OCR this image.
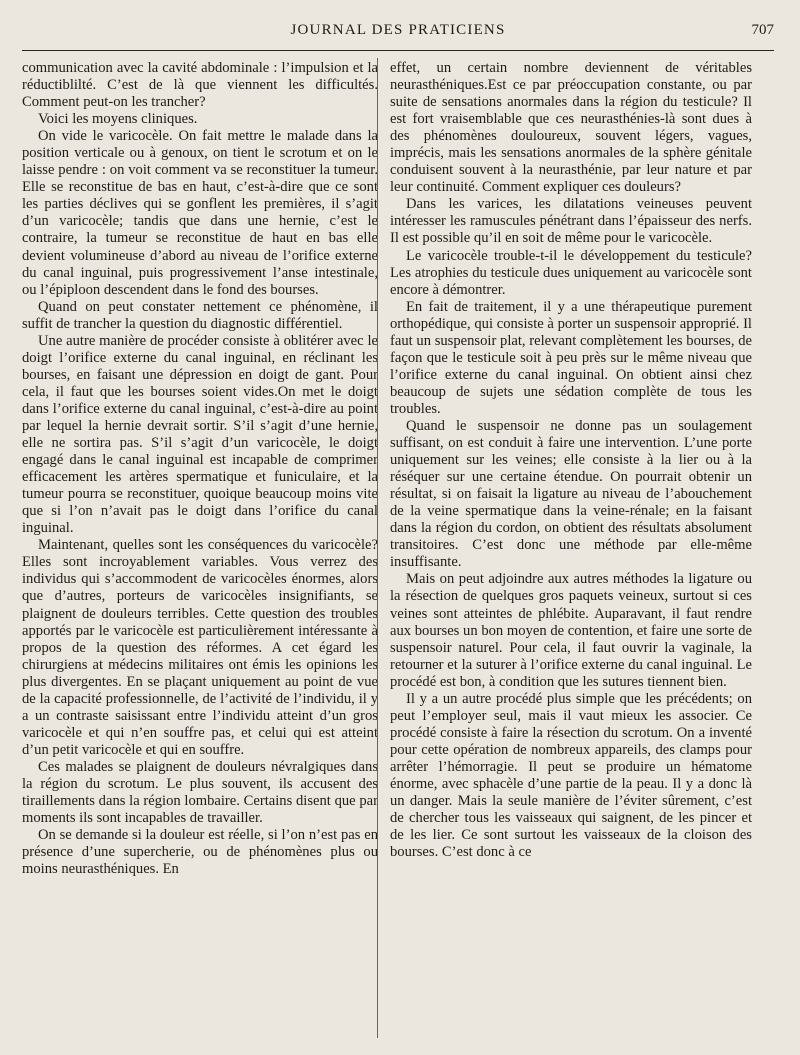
JOURNAL DES PRATICIENS	707

communication avec la cavité abdominale : l’impulsion et la réductiblilté. C’est de là que viennent les difficultés. Comment peut-on les trancher?

Voici les moyens cliniques.

On vide le varicocèle. On fait mettre le malade dans la position verticale ou à genoux, on tient le scrotum et on le laisse pendre : on voit comment va se reconstituer la tumeur. Elle se reconstitue de bas en haut, c’est-à-dire que ce sont les parties déclives qui se gonflent les premières, il s’agit d’un varicocèle; tandis que dans une hernie, c’est le contraire, la tumeur se reconstitue de haut en bas elle devient volumineuse d’abord au niveau de l’orifice externe du canal inguinal, puis progressivement l’anse intestinale, ou l’épiploon descendent dans le fond des bourses.

Quand on peut constater nettement ce phénomène, il suffit de trancher la question du diagnostic différentiel.

Une autre manière de procéder consiste à oblitérer avec le doigt l’orifice externe du canal inguinal, en réclinant les bourses, en faisant une dépression en doigt de gant. Pour cela, il faut que les bourses soient vides.On met le doigt dans l’orifice externe du canal inguinal, c’est-à-dire au point par lequel la hernie devrait sortir. S’il s’agit d’une hernie, elle ne sortira pas. S’il s’agit d’un varicocèle, le doigt engagé dans le canal inguinal est incapable de comprimer efficacement les artères spermatique et funiculaire, et la tumeur pourra se reconstituer, quoique beaucoup moins vite que si l’on n’avait pas le doigt dans l’orifice du canal inguinal.

Maintenant, quelles sont les conséquences du varicocèle? Elles sont incroyablement variables. Vous verrez des individus qui s’accommodent de varicocèles énormes, alors que d’autres, porteurs de varicocèles insignifiants, se plaignent de douleurs terribles. Cette question des troubles apportés par le varicocèle est particulièrement intéressante à propos de la question des réformes. A cet égard les chirurgiens at médecins militaires ont émis les opinions les plus divergentes. En se plaçant uniquement au point de vue de la capacité professionnelle, de l’activité de l’individu, il y a un contraste saisissant entre l’individu atteint d’un gros varicocèle et qui n’en souffre pas, et celui qui est atteint d’un petit varicocèle et qui en souffre.

Ces malades se plaignent de douleurs névralgiques dans la région du scrotum. Le plus souvent, ils accusent des tiraillements dans la région lombaire. Certains disent que par moments ils sont incapables de travailler.

On se demande si la douleur est réelle, si l’on n’est pas en présence d’une supercherie, ou de phénomènes plus ou moins neurasthéniques. En

effet, un certain nombre deviennent de véritables neurasthéniques.Est ce par préoccupation constante, ou par suite de sensations anormales dans la région du testicule? Il est fort vraisemblable que ces neurasthénies-là sont dues à des phénomènes douloureux, souvent légers, vagues, imprécis, mais les sensations anormales de la sphère génitale conduisent souvent à la neurasthénie, par leur nature et par leur continuité. Comment expliquer ces douleurs?

Dans les varices, les dilatations veineuses peuvent intéresser les ramuscules pénétrant dans l’épaisseur des nerfs. Il est possible qu’il en soit de même pour le varicocèle.

Le varicocèle trouble-t-il le développement du testicule? Les atrophies du testicule dues uniquement au varicocèle sont encore à démontrer.

En fait de traitement, il y a une thérapeutique purement orthopédique, qui consiste à porter un suspensoir approprié. Il faut un suspensoir plat, relevant complètement les bourses, de façon que le testicule soit à peu près sur le même niveau que l’orifice externe du canal inguinal. On obtient ainsi chez beaucoup de sujets une sédation complète de tous les troubles.

Quand le suspensoir ne donne pas un soulagement suffisant, on est conduit à faire une intervention. L’une porte uniquement sur les veines; elle consiste à la lier ou à la réséquer sur une certaine étendue. On pourrait obtenir un résultat, si on faisait la ligature au niveau de l’abouchement de la veine spermatique dans la veine-rénale; en la faisant dans la région du cordon, on obtient des résultats absolument transitoires. C’est donc une méthode par elle-même insuffisante.

Mais on peut adjoindre aux autres méthodes la ligature ou la résection de quelques gros paquets veineux, surtout si ces veines sont atteintes de phlébite. Auparavant, il faut rendre aux bourses un bon moyen de contention, et faire une sorte de suspensoir naturel. Pour cela, il faut ouvrir la vaginale, la retourner et la suturer à l’orifice externe du canal inguinal. Le procédé est bon, à condition que les sutures tiennent bien.

Il y a un autre procédé plus simple que les précédents; on peut l’employer seul, mais il vaut mieux les associer. Ce procédé consiste à faire la résection du scrotum. On a inventé pour cette opération de nombreux appareils, des clamps pour arrêter l’hémorragie. Il peut se produire un hématome énorme, avec sphacèle d’une partie de la peau. Il y a donc là un danger. Mais la seule manière de l’éviter sûrement, c’est de chercher tous les vaisseaux qui saignent, de les pincer et de les lier. Ce sont surtout les vaisseaux de la cloison des bourses. C’est donc à ce
